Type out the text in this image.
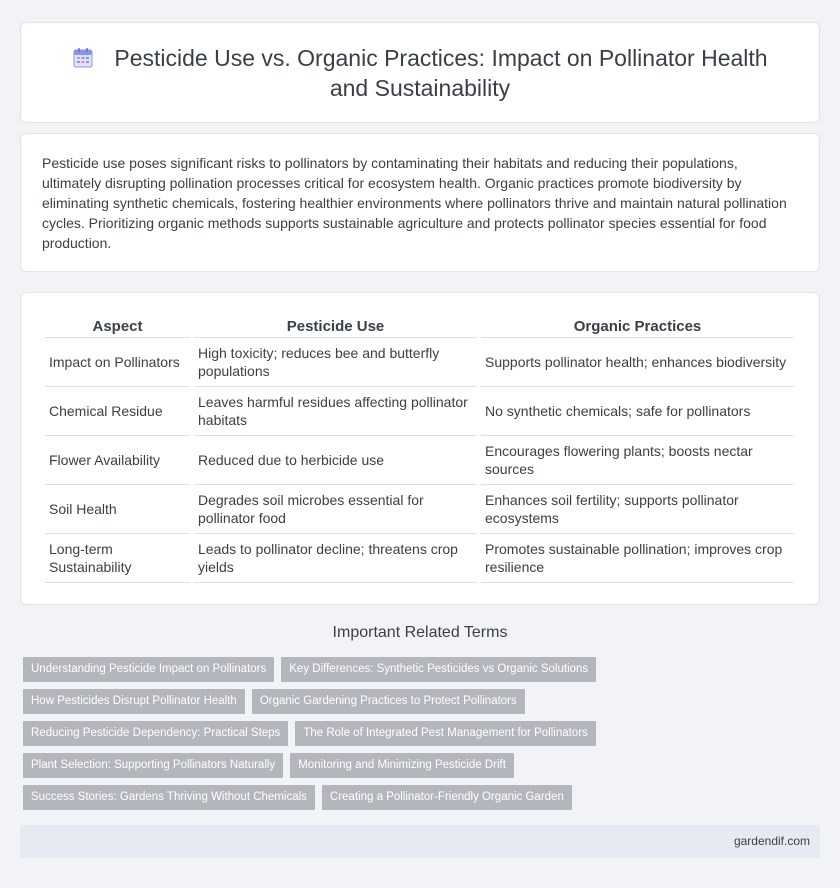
Pesticide Use vs. Organic Practices: Impact on Pollinator Health
and Sustainability

Pesticide use poses significant risks to pollinators by contaminating their habitats and reducing their populations, ultimately disrupting pollination processes critical for ecosystem health. Organic practices promote biodiversity by eliminating synthetic chemicals, fostering healthier environments where pollinators thrive and maintain natural pollination cycles. Prioritizing organic methods supports sustainable agriculture and protects pollinator species essential for food production.

Aspect	Pesticide Use	Organic Practices
Impact on Pollinators	High toxicity; reduces bee and butterfly populations	Supports pollinator health; enhances biodiversity
Chemical Residue	Leaves harmful residues affecting pollinator habitats	No synthetic chemicals; safe for pollinators
Flower Availability	Reduced due to herbicide use	Encourages flowering plants; boosts nectar sources
Soil Health	Degrades soil microbes essential for pollinator food	Enhances soil fertility; supports pollinator ecosystems
Long-term Sustainability	Leads to pollinator decline; threatens crop yields	Promotes sustainable pollination; improves crop resilience
Important Related Terms
Understanding Pesticide Impact on Pollinators	Key Differences: Synthetic Pesticides vs Organic Solutions
How Pesticides Disrupt Pollinator Health	Organic Gardening Practices to Protect Pollinators
Reducing Pesticide Dependency: Practical Steps	The Role of Integrated Pest Management for Pollinators
Plant Selection: Supporting Pollinators Naturally	Monitoring and Minimizing Pesticide Drift
Success Stories: Gardens Thriving Without Chemicals	Creating a Pollinator-Friendly Organic Garden
gardendif.com
